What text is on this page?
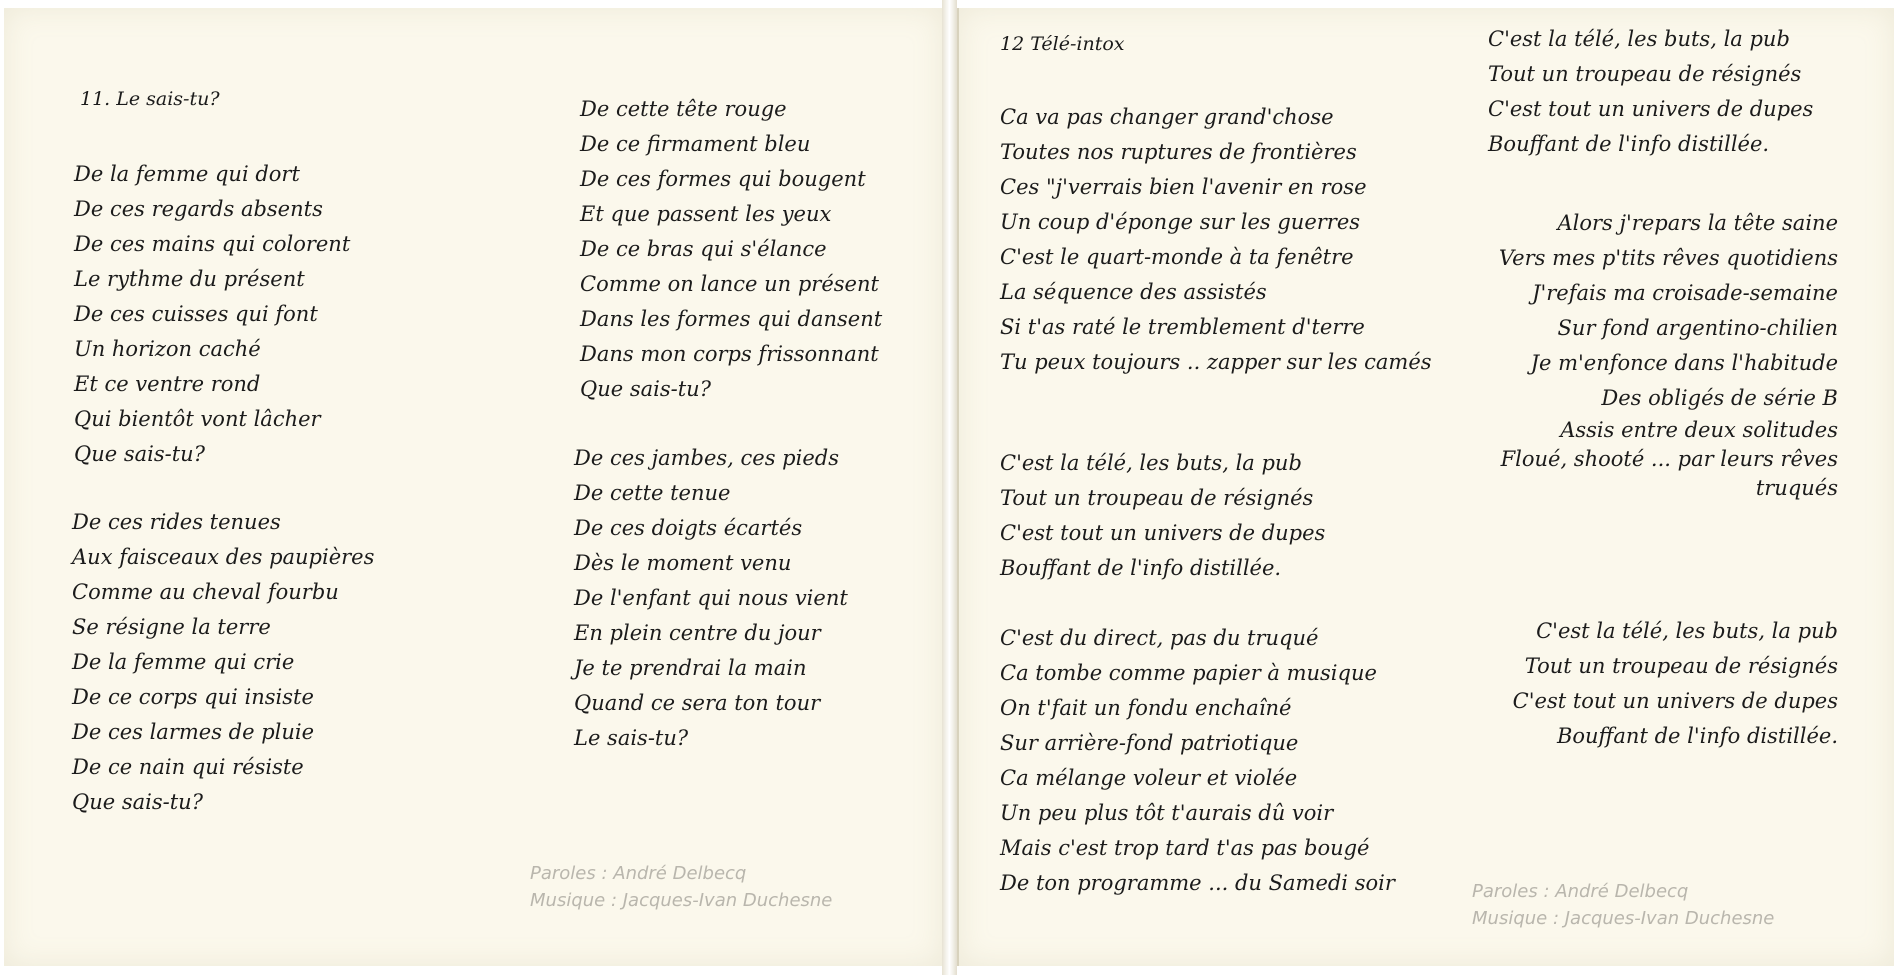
11. Le sais-tu?
De la femme qui dort
De ces regards absents
De ces mains qui colorent
Le rythme du présent
De ces cuisses qui font
Un horizon caché
Et ce ventre rond
Qui bientôt vont lâcher
Que sais-tu?
De ces rides tenues
Aux faisceaux des paupières
Comme au cheval fourbu
Se résigne la terre
De la femme qui crie
De ce corps qui insiste
De ces larmes de pluie
De ce nain qui résiste
Que sais-tu?
De cette tête rouge
De ce firmament bleu
De ces formes qui bougent
Et que passent les yeux
De ce bras qui s'élance
Comme on lance un présent
Dans les formes qui dansent
Dans mon corps frissonnant
Que sais-tu?
De ces jambes, ces pieds
De cette tenue
De ces doigts écartés
Dès le moment venu
De l'enfant qui nous vient
En plein centre du jour
Je te prendrai la main
Quand ce sera ton tour
Le sais-tu?
Paroles : André Delbecq
Musique : Jacques-Ivan Duchesne
12 Télé-intox
Ca va pas changer grand'chose
Toutes nos ruptures de frontières
Ces "j'verrais bien l'avenir en rose
Un coup d'éponge sur les guerres
C'est le quart-monde à ta fenêtre
La séquence des assistés
Si t'as raté le tremblement d'terre
Tu peux toujours .. zapper sur les camés
C'est la télé, les buts, la pub
Tout un troupeau de résignés
C'est tout un univers de dupes
Bouffant de l'info distillée.
C'est du direct, pas du truqué
Ca tombe comme papier à musique
On t'fait un fondu enchaîné
Sur arrière-fond patriotique
Ca mélange voleur et violée
Un peu plus tôt t'aurais dû voir
Mais c'est trop tard t'as pas bougé
De ton programme ... du Samedi soir
C'est la télé, les buts, la pub
Tout un troupeau de résignés
C'est tout un univers de dupes
Bouffant de l'info distillée.
Alors j'repars la tête saine
Vers mes p'tits rêves quotidiens
J'refais ma croisade-semaine
Sur fond argentino-chilien
Je m'enfonce dans l'habitude
Des obligés de série B
Assis entre deux solitudes
Floué, shooté ... par leurs rêves
truqués
C'est la télé, les buts, la pub
Tout un troupeau de résignés
C'est tout un univers de dupes
Bouffant de l'info distillée.
Paroles : André Delbecq
Musique : Jacques-Ivan Duchesne
